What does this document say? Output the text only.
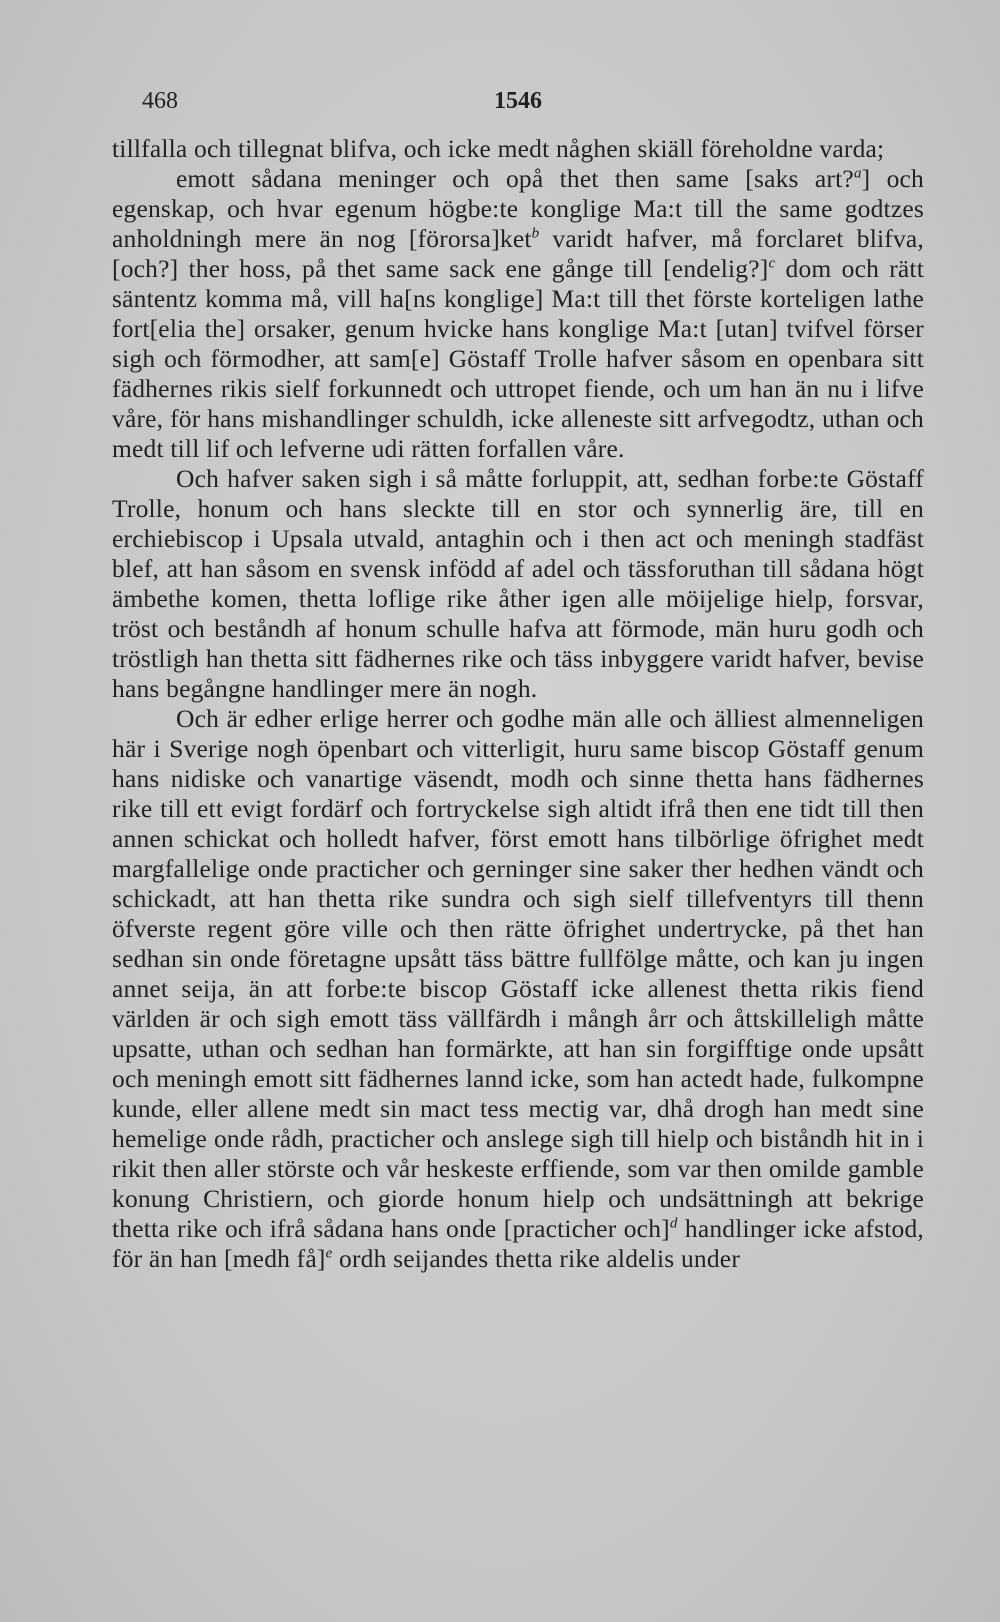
468	1546

tillfalla och tillegnat blifva, och icke medt någhen skiäll föreholdne varda;

emott sådana meninger och opå thet then same [saks art?$^a$] och egenskap, och hvar egenum högbe:te konglige Ma:t till the same godtzes anholdningh mere än nog [förorsa]ket$^b$ varidt hafver, må forclaret blifva, [och?] ther hoss, på thet same sack ene gånge till [endelig?]$^c$ dom och rätt säntentz komma må, vill ha[ns konglige] Ma:t till thet förste korteligen lathe fort[elia the] orsaker, genum hvicke hans konglige Ma:t [utan] tvifvel förser sigh och förmodher, att sam[e] Göstaff Trolle hafver såsom en openbara sitt fädhernes rikis sielf forkunnedt och uttropet fiende, och um han än nu i lifve våre, för hans mishandlinger schuldh, icke alleneste sitt arfvegodtz, uthan och medt till lif och lefverne udi rätten forfallen våre.

Och hafver saken sigh i så måtte forluppit, att, sedhan forbe:te Göstaff Trolle, honum och hans sleckte till en stor och synnerlig äre, till en erchiebiscop i Upsala utvald, antaghin och i then act och meningh stadfäst blef, att han såsom en svensk infödd af adel och tässforuthan till sådana högt ämbethe komen, thetta loflige rike åther igen alle möijelige hielp, forsvar, tröst och beståndh af honum schulle hafva att förmode, män huru godh och tröstligh han thetta sitt fädhernes rike och täss inbyggere varidt hafver, bevise hans begångne handlinger mere än nogh.

Och är edher erlige herrer och godhe män alle och älliest almenneligen här i Sverige nogh öpenbart och vitterligit, huru same biscop Göstaff genum hans nidiske och vanartige väsendt, modh och sinne thetta hans fädhernes rike till ett evigt fordärf och fortryckelse sigh altidt ifrå then ene tidt till then annen schickat och holledt hafver, först emott hans tilbörlige öfrighet medt margfallelige onde practicher och gerninger sine saker ther hedhen vändt och schickadt, att han thetta rike sundra och sigh sielf tillefventyrs till thenn öfverste regent göre ville och then rätte öfrighet undertrycke, på thet han sedhan sin onde företagne upsått täss bättre fullfölge måtte, och kan ju ingen annet seija, än att forbe:te biscop Göstaff icke allenest thetta rikis fiend världen är och sigh emott täss vällfärdh i mångh årr och åttskilleligh måtte upsatte, uthan och sedhan han formärkte, att han sin forgifftige onde upsått och meningh emott sitt fädhernes lannd icke, som han actedt hade, fulkompne kunde, eller allene medt sin mact tess mectig var, dhå drogh han medt sine hemelige onde rådh, practicher och anslege sigh till hielp och biståndh hit in i rikit then aller störste och vår heskeste erffiende, som var then omilde gamble konung Christiern, och giorde honum hielp och undsättningh att bekrige thetta rike och ifrå sådana hans onde [practicher och]$^d$ handlinger icke afstod, för än han [medh få]$^e$ ordh seijandes thetta rike aldelis under
